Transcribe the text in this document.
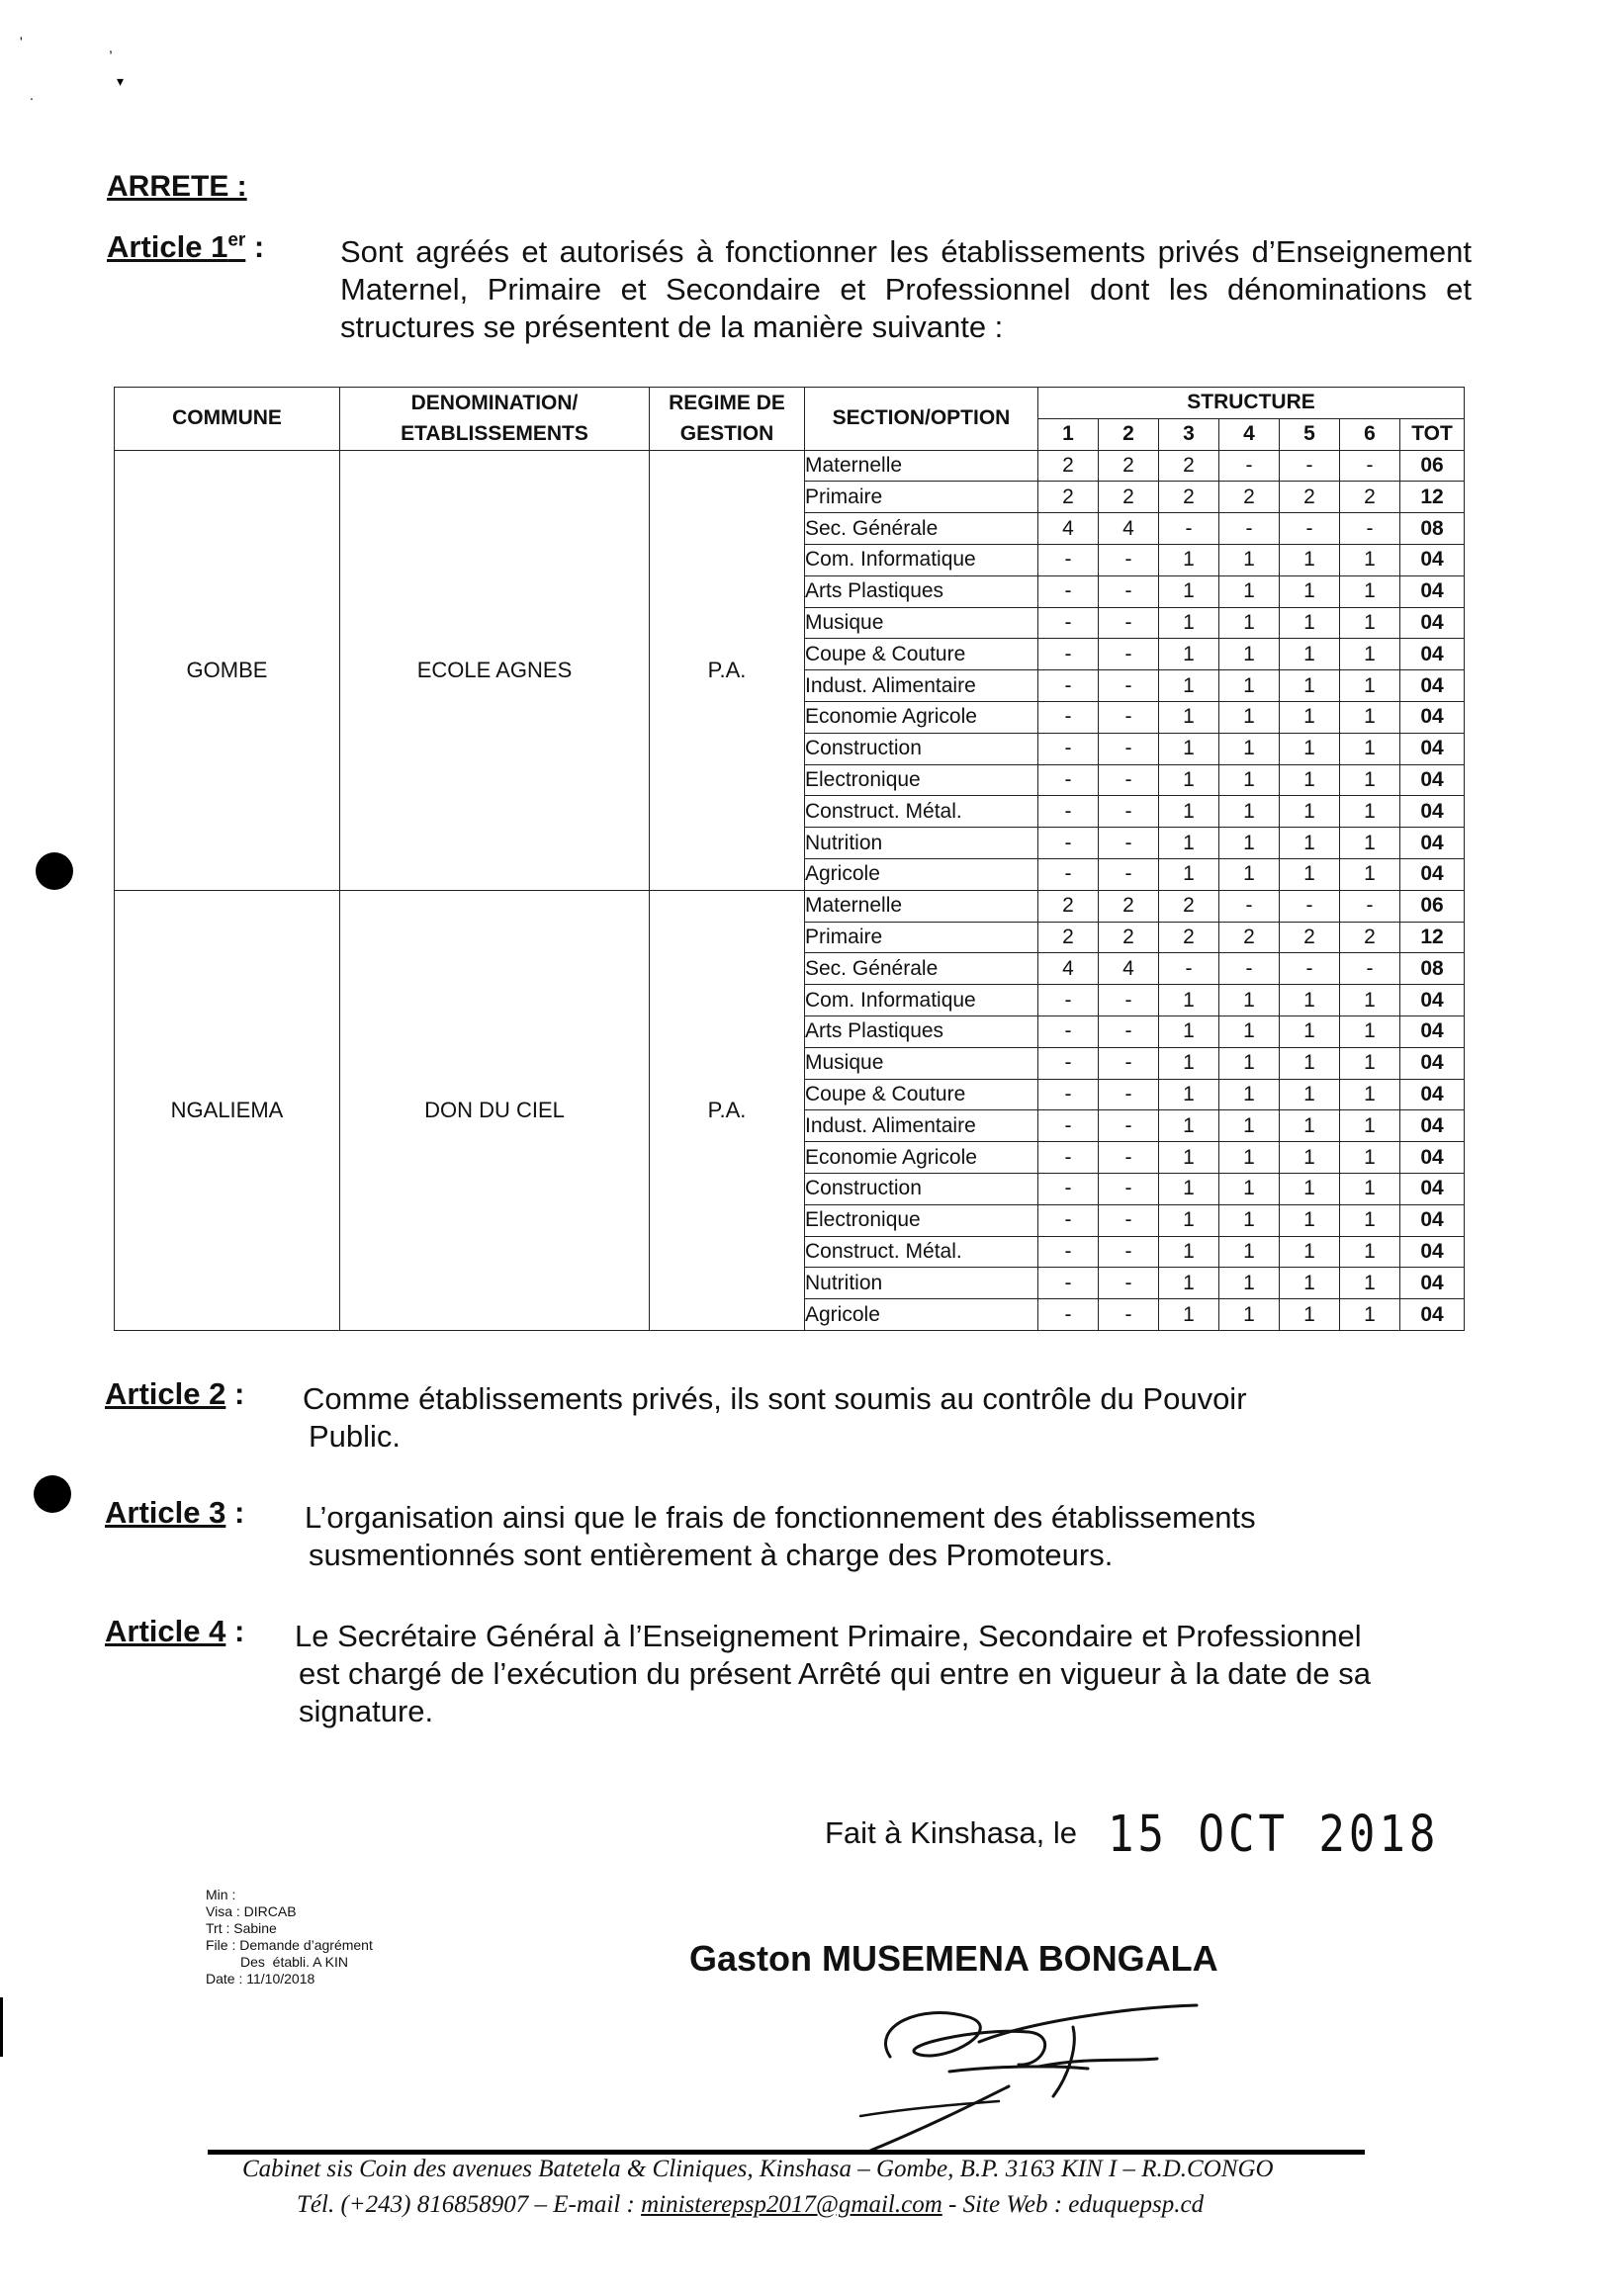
'	,
.
▾
ARRETE :
Article 1er : Sont agréés et autorisés à fonctionner les établissements privés d’Enseignement Maternel, Primaire et Secondaire et Professionnel dont les dénominations et structures se présentent de la manière suivante :
COMMUNE	DENOMINATION/ ETABLISSEMENTS	REGIME DE GESTION	SECTION/OPTION	STRUCTURE						
				1	2	3	4	5	6	TOT
GOMBE	ECOLE AGNES	P.A.	Maternelle	2	2	2	-	-	-	06
			Primaire	2	2	2	2	2	2	12
			Sec. Générale	4	4	-	-	-	-	08
			Com. Informatique	-	-	1	1	1	1	04
			Arts Plastiques	-	-	1	1	1	1	04
			Musique	-	-	1	1	1	1	04
			Coupe & Couture	-	-	1	1	1	1	04
			Indust. Alimentaire	-	-	1	1	1	1	04
			Economie Agricole	-	-	1	1	1	1	04
			Construction	-	-	1	1	1	1	04
			Electronique	-	-	1	1	1	1	04
			Construct. Métal.	-	-	1	1	1	1	04
			Nutrition	-	-	1	1	1	1	04
			Agricole	-	-	1	1	1	1	04
NGALIEMA	DON DU CIEL	P.A.	Maternelle	2	2	2	-	-	-	06
			Primaire	2	2	2	2	2	2	12
			Sec. Générale	4	4	-	-	-	-	08
			Com. Informatique	-	-	1	1	1	1	04
			Arts Plastiques	-	-	1	1	1	1	04
			Musique	-	-	1	1	1	1	04
			Coupe & Couture	-	-	1	1	1	1	04
			Indust. Alimentaire	-	-	1	1	1	1	04
			Economie Agricole	-	-	1	1	1	1	04
			Construction	-	-	1	1	1	1	04
			Electronique	-	-	1	1	1	1	04
			Construct. Métal.	-	-	1	1	1	1	04
			Nutrition	-	-	1	1	1	1	04
			Agricole	-	-	1	1	1	1	04
Article 2 : Comme établissements privés, ils sont soumis au contrôle du Pouvoir
Public.
Article 3 : L’organisation ainsi que le frais de fonctionnement des établissements
susmentionnés sont entièrement à charge des Promoteurs.
Article 4 : Le Secrétaire Général à l’Enseignement Primaire, Secondaire et Professionnel
est chargé de l’exécution du présent Arrêté qui entre en vigueur à la date de sa
signature.
Fait à Kinshasa, le 15 OCT 2018
Min :
Visa : DIRCAB
Trt : Sabine
File : Demande d’agrément
Des  établi. A KIN
Date : 11/10/2018	Gaston MUSEMENA BONGALA
Cabinet sis Coin des avenues Batetela & Cliniques, Kinshasa – Gombe, B.P. 3163 KIN I – R.D.CONGO
Tél. (+243) 816858907 – E-mail : ministerepsp2017@gmail.com - Site Web : eduquepsp.cd
